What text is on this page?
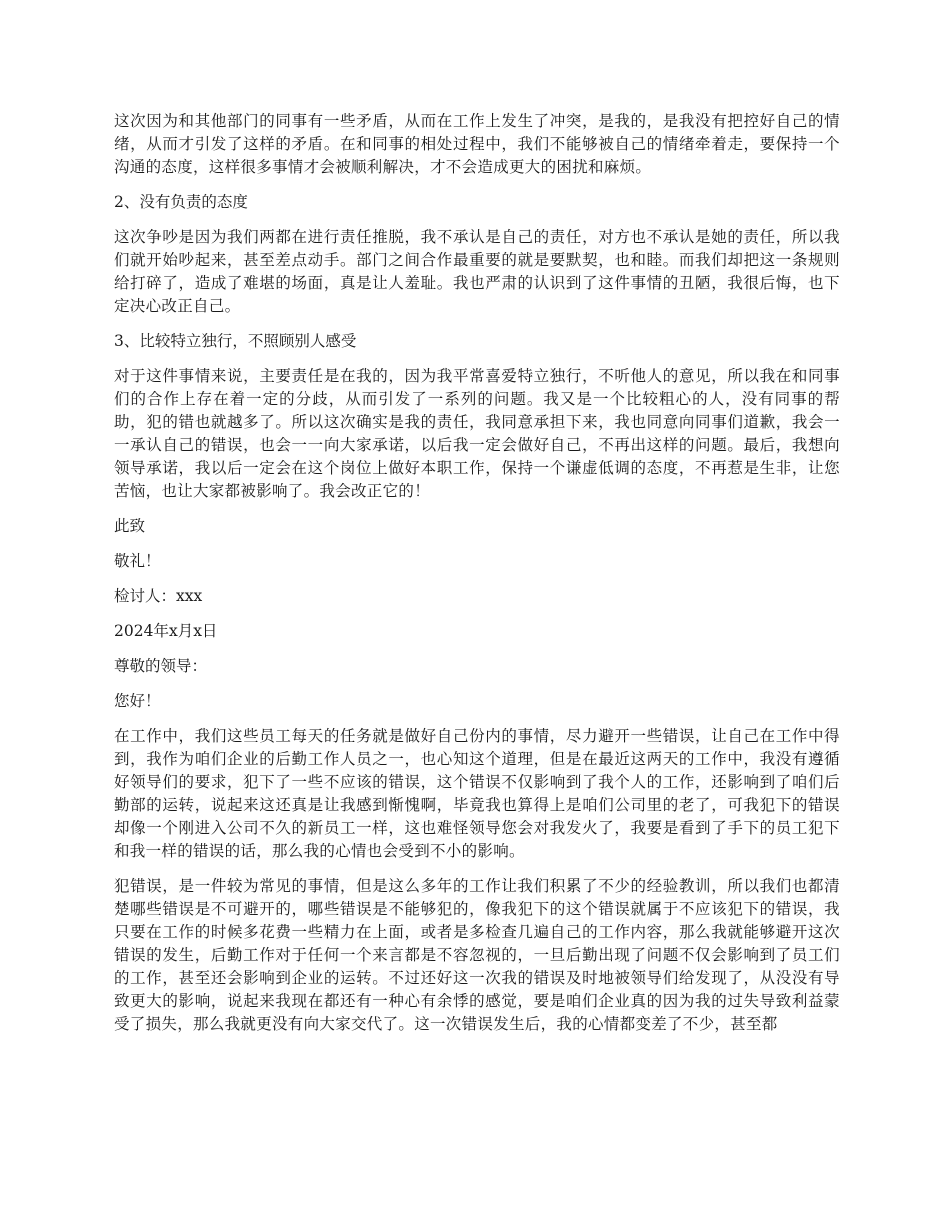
这次因为和其他部门的同事有一些矛盾，从而在工作上发生了冲突，是我的，是我没有把控好自己的情绪，从而才引发了这样的矛盾。在和同事的相处过程中，我们不能够被自己的情绪牵着走，要保持一个沟通的态度，这样很多事情才会被顺利解决，才不会造成更大的困扰和麻烦。

2、没有负责的态度

这次争吵是因为我们两都在进行责任推脱，我不承认是自己的责任，对方也不承认是她的责任，所以我们就开始吵起来，甚至差点动手。部门之间合作最重要的就是要默契，也和睦。而我们却把这一条规则给打碎了，造成了难堪的场面，真是让人羞耻。我也严肃的认识到了这件事情的丑陋，我很后悔，也下定决心改正自己。

3、比较特立独行，不照顾别人感受

对于这件事情来说，主要责任是在我的，因为我平常喜爱特立独行，不听他人的意见，所以我在和同事们的合作上存在着一定的分歧，从而引发了一系列的问题。我又是一个比较粗心的人，没有同事的帮助，犯的错也就越多了。所以这次确实是我的责任，我同意承担下来，我也同意向同事们道歉，我会一一承认自己的错误，也会一一向大家承诺，以后我一定会做好自己，不再出这样的问题。最后，我想向领导承诺，我以后一定会在这个岗位上做好本职工作，保持一个谦虚低调的态度，不再惹是生非，让您苦恼，也让大家都被影响了。我会改正它的！

此致

敬礼！

检讨人：xxx

2024年x月x日

尊敬的领导：

您好！

在工作中，我们这些员工每天的任务就是做好自己份内的事情，尽力避开一些错误，让自己在工作中得到，我作为咱们企业的后勤工作人员之一，也心知这个道理，但是在最近这两天的工作中，我没有遵循好领导们的要求，犯下了一些不应该的错误，这个错误不仅影响到了我个人的工作，还影响到了咱们后勤部的运转，说起来这还真是让我感到惭愧啊，毕竟我也算得上是咱们公司里的老了，可我犯下的错误却像一个刚进入公司不久的新员工一样，这也难怪领导您会对我发火了，我要是看到了手下的员工犯下和我一样的错误的话，那么我的心情也会受到不小的影响。

犯错误，是一件较为常见的事情，但是这么多年的工作让我们积累了不少的经验教训，所以我们也都清楚哪些错误是不可避开的，哪些错误是不能够犯的，像我犯下的这个错误就属于不应该犯下的错误，我只要在工作的时候多花费一些精力在上面，或者是多检查几遍自己的工作内容，那么我就能够避开这次错误的发生，后勤工作对于任何一个来言都是不容忽视的，一旦后勤出现了问题不仅会影响到了员工们的工作，甚至还会影响到企业的运转。不过还好这一次我的错误及时地被领导们给发现了，从没没有导致更大的影响，说起来我现在都还有一种心有余悸的感觉，要是咱们企业真的因为我的过失导致利益蒙受了损失，那么我就更没有向大家交代了。这一次错误发生后，我的心情都变差了不少，甚至都
